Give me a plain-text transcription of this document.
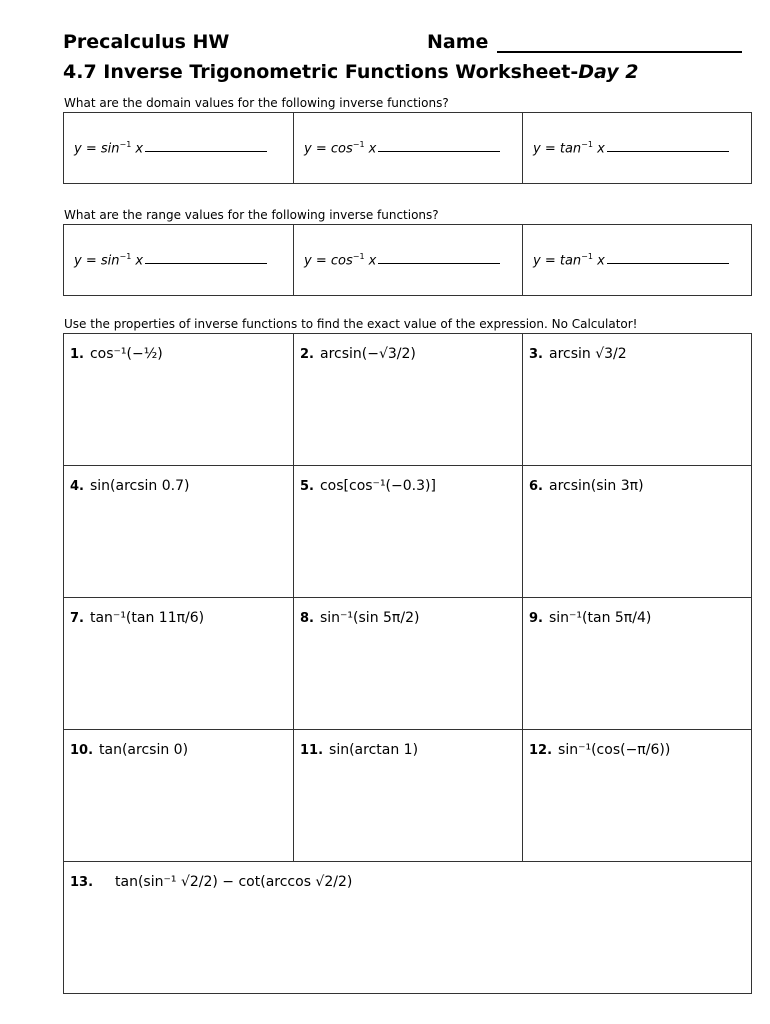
Precalculus HW	Name
4.7 Inverse Trigonometric Functions Worksheet-Day 2
What are the domain values for the following inverse functions?
$y = \sin^{-1} x$	$y = \cos^{-1} x$	$y = \tan^{-1} x$
What are the range values for the following inverse functions?
$y = \sin^{-1} x$	$y = \cos^{-1} x$	$y = \tan^{-1} x$
Use the properties of inverse functions to find the exact value of the expression. No Calculator!
1. cos⁻¹(−½)	2. arcsin(−√3/2)	3. arcsin √3/2

4. sin(arcsin 0.7)	5. cos[cos⁻¹(−0.3)]	6. arcsin(sin 3π)

7. tan⁻¹(tan 11π/6)	8. sin⁻¹(sin 5π/2)	9. sin⁻¹(tan 5π/4)

10. tan(arcsin 0)	11. sin(arctan 1)	12. sin⁻¹(cos(−π/6))

13. tan(sin⁻¹ √2/2) − cot(arccos √2/2)		
